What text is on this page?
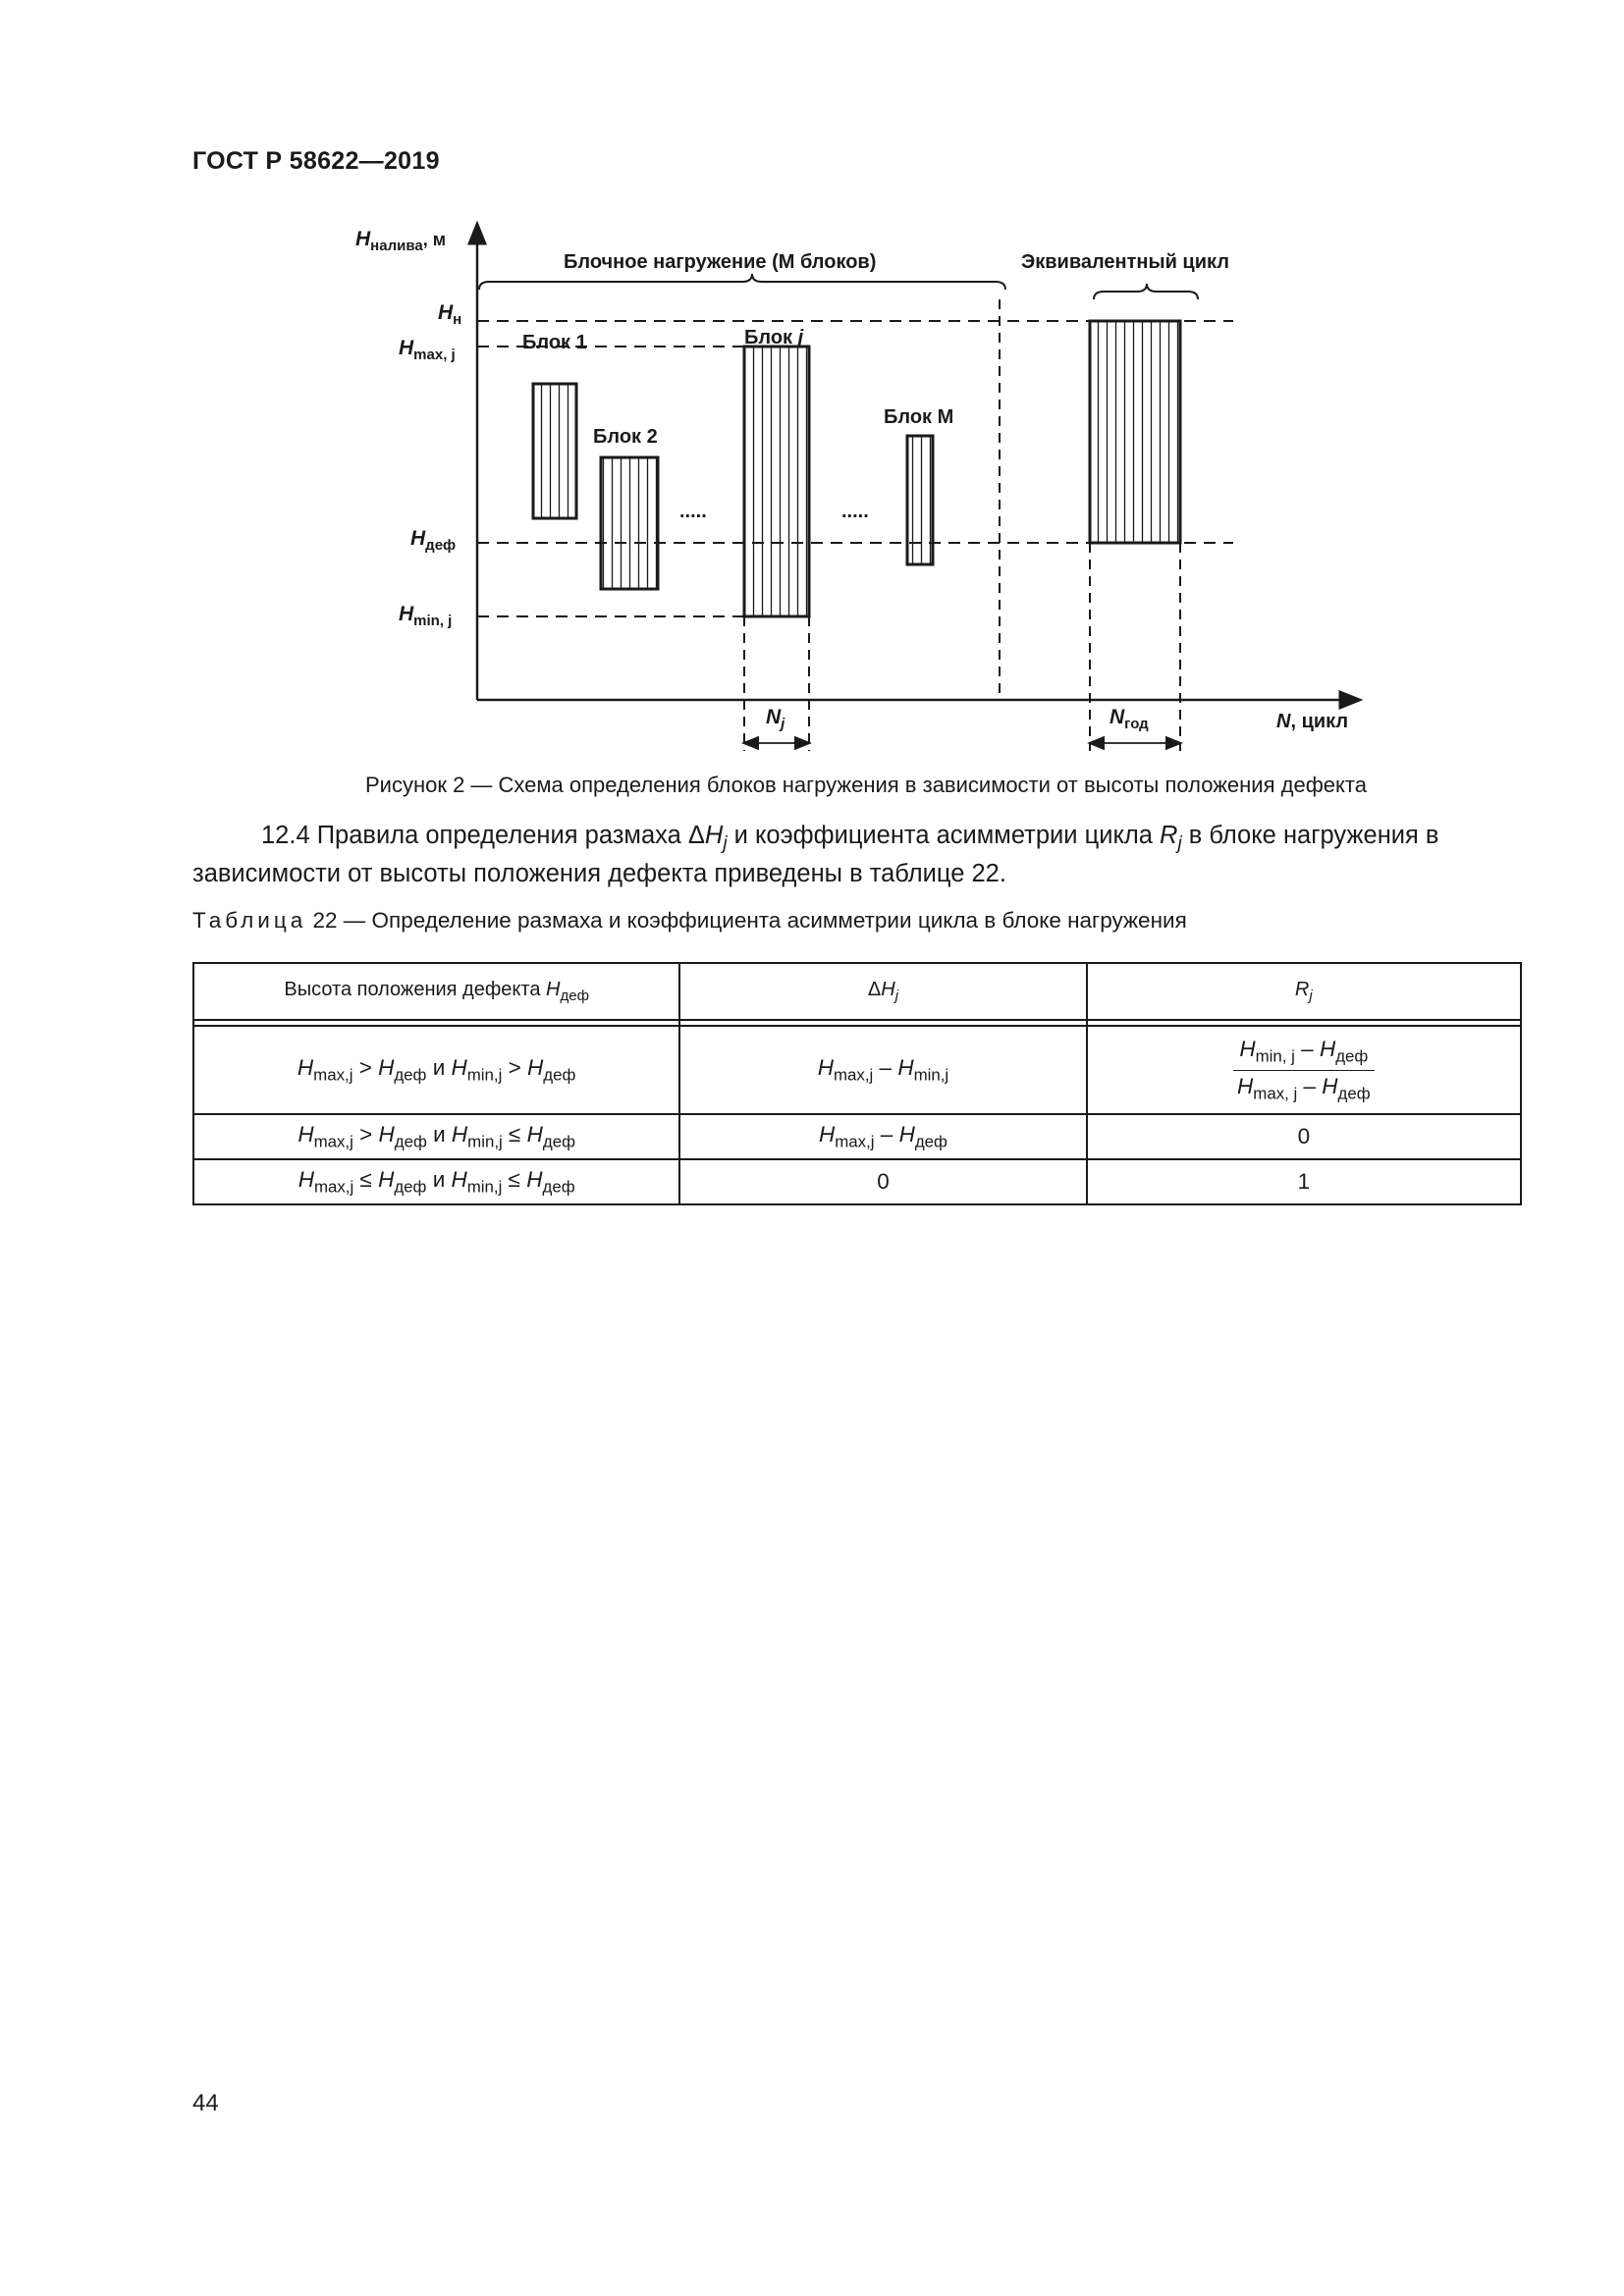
ГОСТ Р 58622—2019
$H_{налива}$, м
N, цикл
Блочное нагружение (М блоков)	Эквивалентный цикл
Блок 1
Блок 2
Блок j
Блок М
.....	.....
$H_н$
$H_{max, j}$
$H_{деф}$
$H_{min, j}$
$N_j$	$N_{год}$
Рисунок 2 — Схема определения блоков нагружения в зависимости от высоты положения дефекта
12.4 Правила определения размаха $\Delta H_j$ и коэффициента асимметрии цикла $R_j$ в блоке нагружения в зависимости от высоты положения дефекта приведены в таблице 22.
Таблица 22 — Определение размаха и коэффициента асимметрии цикла в блоке нагружения
Высота положения дефекта $H_{деф}$	$\Delta H_j$	$R_j$

$H_{max,j} > H_{деф}$ и $H_{min,j} > H_{деф}$	$H_{max,j} - H_{min,j}$	$\frac{H_{min, j} - H_{деф}}{H_{max, j} - H_{деф}}$

$H_{max,j} > H_{деф}$ и $H_{min,j} \le H_{деф}$	$H_{max,j} - H_{деф}$	0
$H_{max,j} \le H_{деф}$ и $H_{min,j} \le H_{деф}$	0	1
44
